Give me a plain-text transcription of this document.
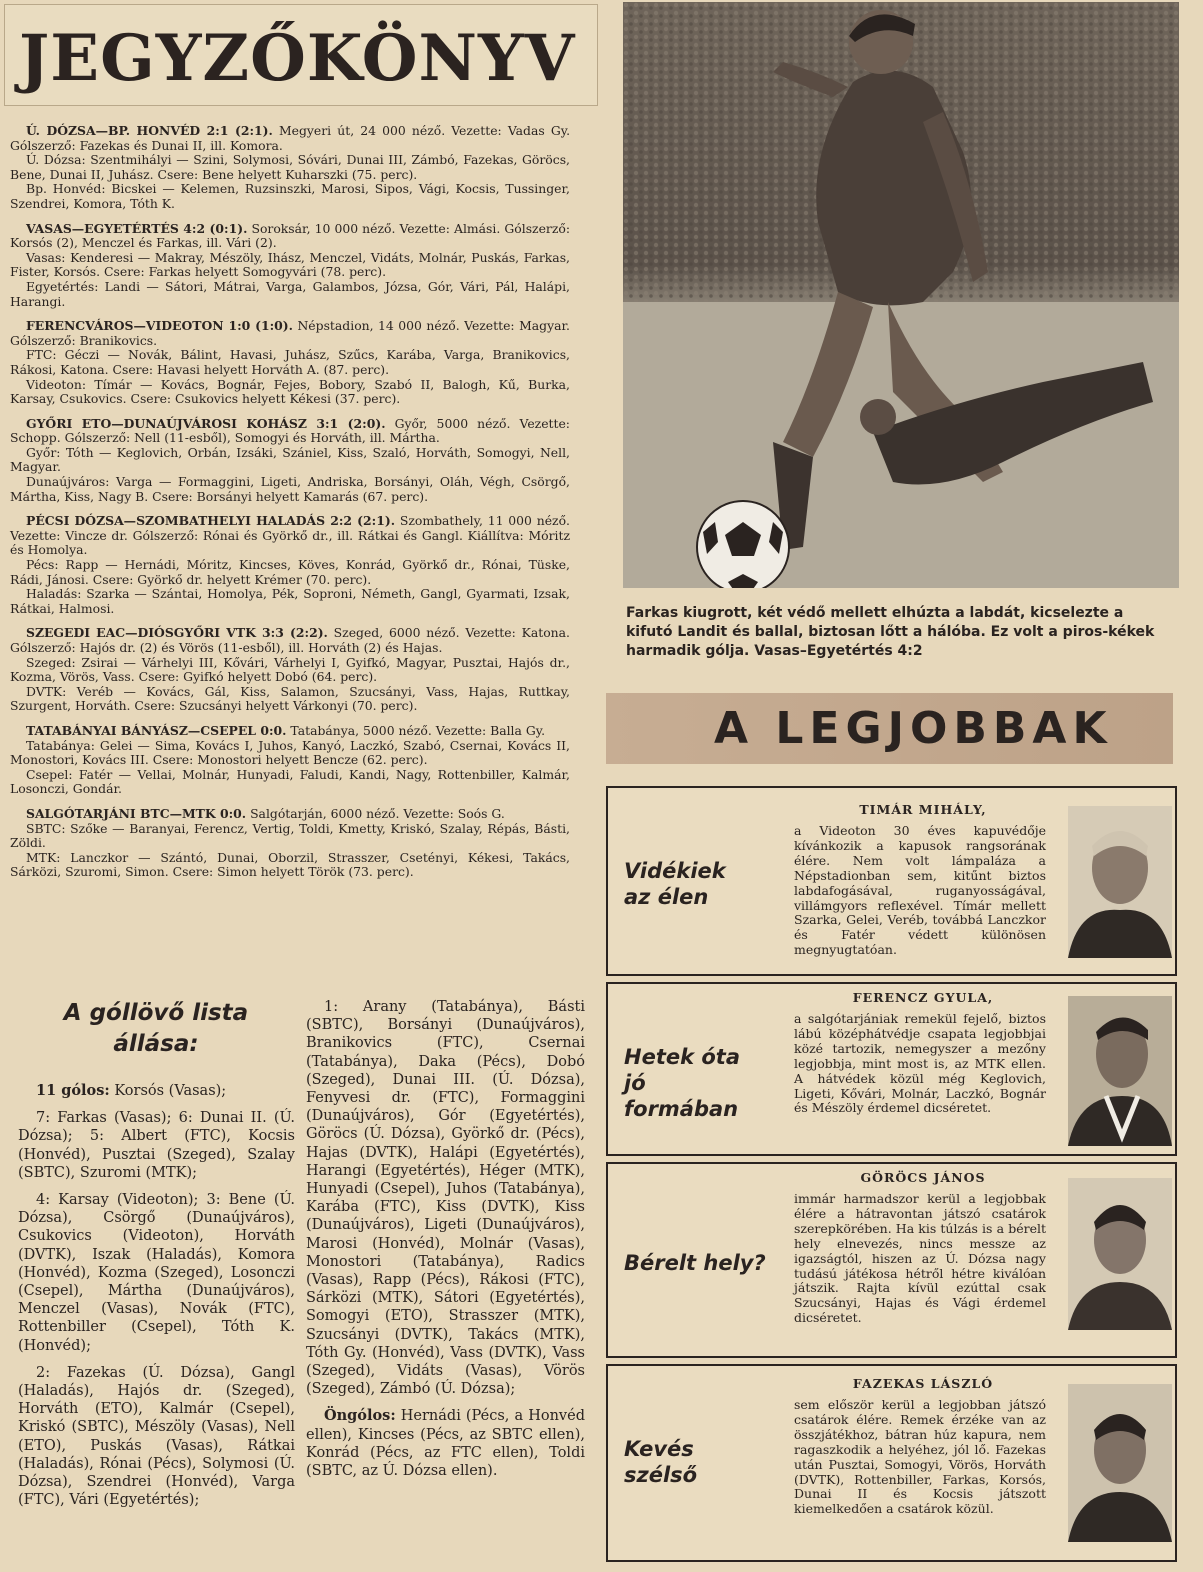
JEGYZŐKÖNYV

Ú. DÓZSA—BP. HONVÉD 2:1 (2:1). Megyeri út, 24 000 néző. Vezette: Vadas Gy. Gólszerző: Fazekas és Dunai II, ill. Komora.

Ú. Dózsa: Szentmihályi — Szini, Solymosi, Sóvári, Dunai III, Zámbó, Fazekas, Göröcs, Bene, Dunai II, Juhász. Csere: Bene helyett Kuharszki (75. perc).

Bp. Honvéd: Bicskei — Kelemen, Ruzsinszki, Marosi, Sipos, Vági, Kocsis, Tussinger, Szendrei, Komora, Tóth K.

VASAS—EGYETÉRTÉS 4:2 (0:1). Soroksár, 10 000 néző. Vezette: Almási. Gólszerző: Korsós (2), Menczel és Farkas, ill. Vári (2).

Vasas: Kenderesi — Makray, Mészöly, Ihász, Menczel, Vidáts, Molnár, Puskás, Farkas, Fister, Korsós. Csere: Farkas helyett Somogyvári (78. perc).

Egyetértés: Landi — Sátori, Mátrai, Varga, Galambos, Józsa, Gór, Vári, Pál, Halápi, Harangi.

FERENCVÁROS—VIDEOTON 1:0 (1:0). Népstadion, 14 000 néző. Vezette: Magyar. Gólszerző: Branikovics.

FTC: Géczi — Novák, Bálint, Havasi, Juhász, Szűcs, Karába, Varga, Branikovics, Rákosi, Katona. Csere: Havasi helyett Horváth A. (87. perc).

Videoton: Tímár — Kovács, Bognár, Fejes, Bobory, Szabó II, Balogh, Kű, Burka, Karsay, Csukovics. Csere: Csukovics helyett Kékesi (37. perc).

GYŐRI ETO—DUNAÚJVÁROSI KOHÁSZ 3:1 (2:0). Győr, 5000 néző. Vezette: Schopp. Gólszerző: Nell (11-esből), Somogyi és Horváth, ill. Mártha.

Győr: Tóth — Keglovich, Orbán, Izsáki, Szániel, Kiss, Szaló, Horváth, Somogyi, Nell, Magyar.

Dunaújváros: Varga — Formaggini, Ligeti, Andriska, Borsányi, Oláh, Végh, Csörgő, Mártha, Kiss, Nagy B. Csere: Borsányi helyett Kamarás (67. perc).

PÉCSI DÓZSA—SZOMBATHELYI HALADÁS 2:2 (2:1). Szombathely, 11 000 néző. Vezette: Vincze dr. Gólszerző: Rónai és Györkő dr., ill. Rátkai és Gangl. Kiállítva: Móritz és Homolya.

Pécs: Rapp — Hernádi, Móritz, Kincses, Köves, Konrád, Györkő dr., Rónai, Tüske, Rádi, Jánosi. Csere: Györkő dr. helyett Krémer (70. perc).

Haladás: Szarka — Szántai, Homolya, Pék, Soproni, Németh, Gangl, Gyarmati, Izsak, Rátkai, Halmosi.

SZEGEDI EAC—DIÓSGYŐRI VTK 3:3 (2:2). Szeged, 6000 néző. Vezette: Katona. Gólszerző: Hajós dr. (2) és Vörös (11-esből), ill. Horváth (2) és Hajas.

Szeged: Zsirai — Várhelyi III, Kővári, Várhelyi I, Gyifkó, Magyar, Pusztai, Hajós dr., Kozma, Vörös, Vass. Csere: Gyifkó helyett Dobó (64. perc).

DVTK: Veréb — Kovács, Gál, Kiss, Salamon, Szucsányi, Vass, Hajas, Ruttkay, Szurgent, Horváth. Csere: Szucsányi helyett Várkonyi (70. perc).

TATABÁNYAI BÁNYÁSZ—CSEPEL 0:0. Tatabánya, 5000 néző. Vezette: Balla Gy.

Tatabánya: Gelei — Sima, Kovács I, Juhos, Kanyó, Laczkó, Szabó, Csernai, Kovács II, Monostori, Kovács III. Csere: Monostori helyett Bencze (62. perc).

Csepel: Fatér — Vellai, Molnár, Hunyadi, Faludi, Kandi, Nagy, Rottenbiller, Kalmár, Losonczi, Gondár.

SALGÓTARJÁNI BTC—MTK 0:0. Salgótarján, 6000 néző. Vezette: Soós G.

SBTC: Szőke — Baranyai, Ferencz, Vertig, Toldi, Kmetty, Kriskó, Szalay, Répás, Básti, Zöldi.

MTK: Lanczkor — Szántó, Dunai, Oborzil, Strasszer, Csetényi, Kékesi, Takács, Sárközi, Szuromi, Simon. Csere: Simon helyett Török (73. perc).

A góllövő lista állása:

11 gólos: Korsós (Vasas);

7: Farkas (Vasas); 6: Dunai II. (Ú. Dózsa); 5: Albert (FTC), Kocsis (Honvéd), Pusztai (Szeged), Szalay (SBTC), Szuromi (MTK);

4: Karsay (Videoton); 3: Bene (Ú. Dózsa), Csörgő (Dunaújváros), Csukovics (Videoton), Horváth (DVTK), Iszak (Haladás), Komora (Honvéd), Kozma (Szeged), Losonczi (Csepel), Mártha (Dunaújváros), Menczel (Vasas), Novák (FTC), Rottenbiller (Csepel), Tóth K. (Honvéd);

2: Fazekas (Ú. Dózsa), Gangl (Haladás), Hajós dr. (Szeged), Horváth (ETO), Kalmár (Csepel), Kriskó (SBTC), Mészöly (Vasas), Nell (ETO), Puskás (Vasas), Rátkai (Haladás), Rónai (Pécs), Solymosi (Ú. Dózsa), Szendrei (Honvéd), Varga (FTC), Vári (Egyetértés);

1: Arany (Tatabánya), Básti (SBTC), Borsányi (Dunaújváros), Branikovics (FTC), Csernai (Tatabánya), Daka (Pécs), Dobó (Szeged), Dunai III. (Ú. Dózsa), Fenyvesi dr. (FTC), Formaggini (Dunaújváros), Gór (Egyetértés), Göröcs (Ú. Dózsa), Györkő dr. (Pécs), Hajas (DVTK), Halápi (Egyetértés), Harangi (Egyetértés), Héger (MTK), Hunyadi (Csepel), Juhos (Tatabánya), Karába (FTC), Kiss (DVTK), Kiss (Dunaújváros), Ligeti (Dunaújváros), Marosi (Honvéd), Molnár (Vasas), Monostori (Tatabánya), Radics (Vasas), Rapp (Pécs), Rákosi (FTC), Sárközi (MTK), Sátori (Egyetértés), Somogyi (ETO), Strasszer (MTK), Szucsányi (DVTK), Takács (MTK), Tóth Gy. (Honvéd), Vass (DVTK), Vass (Szeged), Vidáts (Vasas), Vörös (Szeged), Zámbó (Ú. Dózsa);

Öngólos: Hernádi (Pécs, a Honvéd ellen), Kincses (Pécs, az SBTC ellen), Konrád (Pécs, az FTC ellen), Toldi (SBTC, az Ú. Dózsa ellen).

Farkas kiugrott, két védő mellett elhúzta a labdát, kicselezte a kifutó Landit és ballal, biztosan lőtt a hálóba. Ez volt a piros-kékek harmadik gólja. Vasas–Egyetértés 4:2
A LEGJOBBAK
Vidékiek az élen
TIMÁR MIHÁLY,
a Videoton 30 éves kapuvédője kívánkozik a kapusok rangsorának élére. Nem volt lámpaláza a Népstadionban sem, kitűnt biztos labdafogásával, ruganyosságával, villámgyors reflexével. Tímár mellett Szarka, Gelei, Veréb, továbbá Lanczkor és Fatér védett különösen megnyugtatóan.
Hetek óta jó formában
FERENCZ GYULA,
a salgótarjániak remekül fejelő, biztos lábú középhátvédje csapata legjobbjai közé tartozik, nemegyszer a mezőny legjobbja, mint most is, az MTK ellen. A hátvédek közül még Keglovich, Ligeti, Kővári, Molnár, Laczkó, Bognár és Mészöly érdemel dicséretet.
Bérelt hely?
GÖRÖCS JÁNOS
immár harmadszor kerül a legjobbak élére a hátravontan játszó csatárok szerepkörében. Ha kis túlzás is a bérelt hely elnevezés, nincs messze az igazságtól, hiszen az Ú. Dózsa nagy tudású játékosa hétről hétre kiválóan játszik. Rajta kívül ezúttal csak Szucsányi, Hajas és Vági érdemel dicséretet.
Kevés szélső
FAZEKAS LÁSZLÓ
sem először kerül a legjobban játszó csatárok élére. Remek érzéke van az összjátékhoz, bátran húz kapura, nem ragaszkodik a helyéhez, jól lő. Fazekas után Pusztai, Somogyi, Vörös, Horváth (DVTK), Rottenbiller, Farkas, Korsós, Dunai II és Kocsis játszott kiemelkedően a csatárok közül.
